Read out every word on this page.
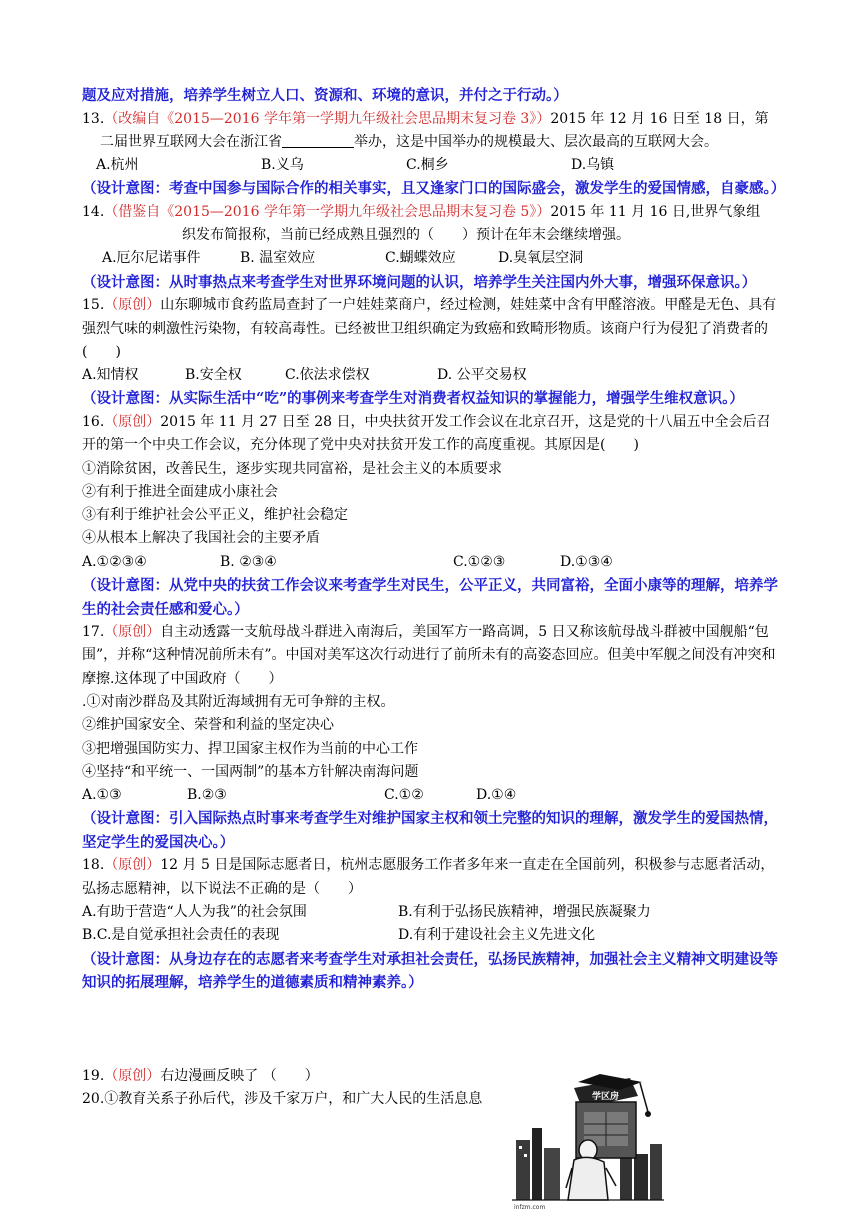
题及应对措施，培养学生树立人口、资源和、环境的意识，并付之于行动。）
13.（改编自《2015—2016 学年第一学期九年级社会思品期末复习卷 3》）2015 年 12 月 16 日至 18 日，第
二届世界互联网大会在浙江省	举办，这是中国举办的规模最大、层次最高的互联网大会。
A.杭州	B.义乌	C.桐乡	D.乌镇
（设计意图：考查中国参与国际合作的相关事实，且又逢家门口的国际盛会，激发学生的爱国情感，自豪感。）
14.（借鉴自《2015—2016 学年第一学期九年级社会思品期末复习卷 5》）2015 年 11 月 16 日,世界气象组
织发布简报称，当前已经成熟且强烈的（　　）预计在年末会继续增强。
A.厄尔尼诺事件	B. 温室效应	C.蝴蝶效应	D.臭氧层空洞
（设计意图：从时事热点来考查学生对世界环境问题的认识，培养学生关注国内外大事，增强环保意识。）
15.（原创）山东聊城市食药监局查封了一户娃娃菜商户，经过检测，娃娃菜中含有甲醛溶液。甲醛是无色、具有强烈气味的刺激性污染物，有较高毒性。已经被世卫组织确定为致癌和致畸形物质。该商户行为侵犯了消费者的(　　)
A.知情权	B.安全权	C.依法求偿权	D. 公平交易权
（设计意图：从实际生活中“吃”的事例来考查学生对消费者权益知识的掌握能力，增强学生维权意识。）
16.（原创）2015 年 11 月 27 日至 28 日，中央扶贫开发工作会议在北京召开，这是党的十八届五中全会后召开的第一个中央工作会议，充分体现了党中央对扶贫开发工作的高度重视。其原因是(　　)
①消除贫困，改善民生，逐步实现共同富裕，是社会主义的本质要求
②有利于推进全面建成小康社会
③有利于维护社会公平正义，维护社会稳定
④从根本上解决了我国社会的主要矛盾
A.①②③④	B. ②③④	C.①②③	D.①③④
（设计意图：从党中央的扶贫工作会议来考查学生对民生，公平正义，共同富裕，全面小康等的理解，培养学生的社会责任感和爱心。）
17.（原创）自主动透露一支航母战斗群进入南海后，美国军方一路高调，5 日又称该航母战斗群被中国舰船“包围”，并称“这种情况前所未有”。中国对美军这次行动进行了前所未有的高姿态回应。但美中军舰之间没有冲突和摩擦.这体现了中国政府（　　）
.①对南沙群岛及其附近海域拥有无可争辩的主权。
②维护国家安全、荣誉和利益的坚定决心
③把增强国防实力、捍卫国家主权作为当前的中心工作
④坚持“和平统一、一国两制”的基本方针解决南海问题
A.①③	B.②③	C.①②	D.①④
（设计意图：引入国际热点时事来考查学生对维护国家主权和领土完整的知识的理解，激发学生的爱国热情，坚定学生的爱国决心。）
18.（原创）12 月 5 日是国际志愿者日，杭州志愿服务工作者多年来一直走在全国前列，积极参与志愿者活动，弘扬志愿精神，以下说法不正确的是（　　）
A.有助于营造“人人为我”的社会氛围	B.有利于弘扬民族精神，增强民族凝聚力
B.C.是自觉承担社会责任的表现	D.有利于建设社会主义先进文化
（设计意图：从身边存在的志愿者来考查学生对承担社会责任，弘扬民族精神，加强社会主义精神文明建设等知识的拓展理解，培养学生的道德素质和精神素养。）
19.（原创）右边漫画反映了 （　　）
20.①教育关系子孙后代，涉及千家万户，和广大人民的生活息息	学区房
infzm.com
